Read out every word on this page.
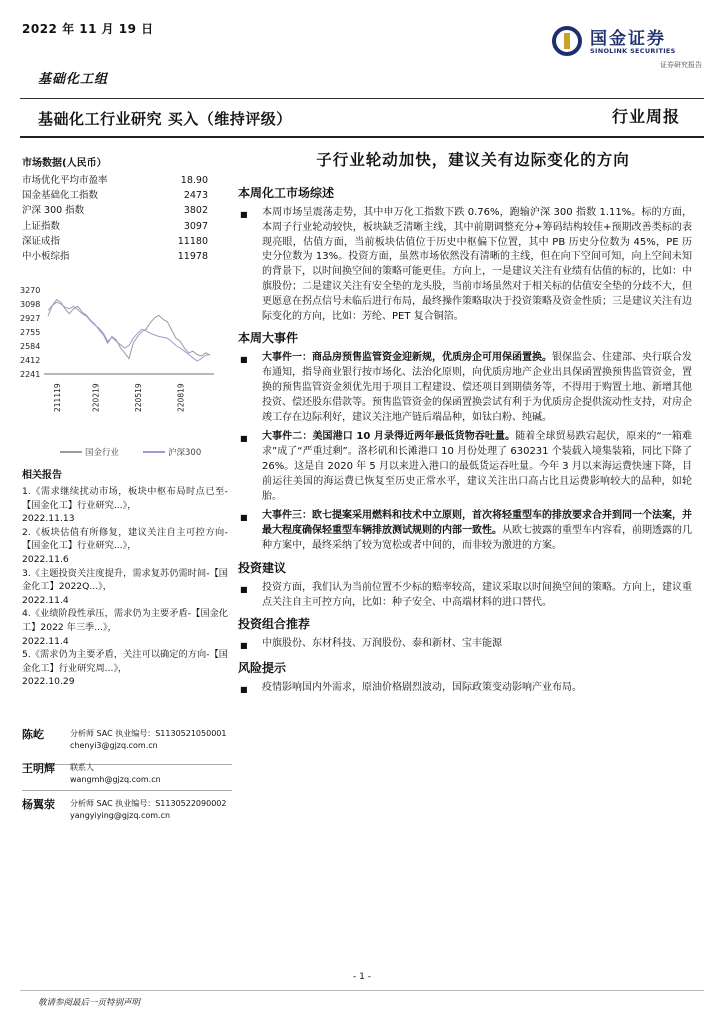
2022 年 11 月 19 日	国金证券
SINOLINK SECURITIES
证券研究报告
基础化工组
基础化工行业研究 买入（维持评级）	行业周报
市场数据(人民币）
市场优化平均市盈率	18.90
国金基础化工指数	2473
沪深 300 指数	3802
上证指数	3097
深证成指	11180
中小板综指	11978
3270
3098
2927
2755
2584
2412
2241
211119	220219	220519	220819
国金行业	沪深300
相关报告
1.《需求继续扰动市场，板块中枢布局时点已至-【国金化工】行业研究...》，
2022.11.13
2.《板块估值有所修复，建议关注自主可控方向-【国金化工】行业研究...》，
2022.11.6
3.《主题投资关注度提升，需求复苏仍需时间-【国金化工】2022Q...》，
2022.11.4
4.《业绩阶段性承压，需求仍为主要矛盾-【国金化工】2022 年三季...》，
2022.11.4
5.《需求仍为主要矛盾，关注可以确定的方向-【国金化工】行业研究周...》，
2022.10.29
陈屹	分析师 SAC 执业编号：S1130521050001
chenyi3@gjzq.com.cn
王明辉 联系人
wangmh@gjzq.com.cn
杨翼荥 分析师 SAC 执业编号：S1130522090002
yangyiying@gjzq.com.cn
子行业轮动加快，建议关有边际变化的方向
本周化工市场综述
■	本周市场呈震荡走势，其中申万化工指数下跌 0.76%，跑输沪深 300 指数 1.11%。标的方面，本周子行业轮动较快，板块缺乏清晰主线，其中前期调整充分+筹码结构较佳+预期改善类标的表现亮眼，估值方面，当前板块估值位于历史中枢偏下位置，其中 PB 历史分位数为 45%，PE 历史分位数为 13%。投资方面，虽然市场依然没有清晰的主线，但在向下空间可知，向上空间未知的背景下，以时间换空间的策略可能更佳。方向上，一是建议关注有业绩有估值的标的，比如：中旗股份；二是建议关注有安全垫的龙头股，当前市场虽然对于相关标的估值安全垫的分歧不大，但更愿意在拐点信号未临后进行布局，最终操作策略取决于投资策略及资金性质；三是建议关注有边际变化的方向，比如：芳纶、PET 复合铜箔。
本周大事件
■	大事件一：商品房预售监管资金迎新规，优质房企可用保函置换。银保监会、住建部、央行联合发布通知，指导商业银行按市场化、法治化原则，向优质房地产企业出具保函置换预售监管资金，置换的预售监管资金须优先用于项目工程建设、偿还项目到期债务等，不得用于购置土地、新增其他投资、偿还股东借款等。预售监管资金的保函置换尝试有利于为优质房企提供流动性支持，对房企竣工存在边际利好，建议关注地产链后端品种，如钛白粉、纯碱。
■	大事件二：美国港口 10 月录得近两年最低货物吞吐量。随着全球贸易跌宕起伏，原来的“一箱难求”成了“严重过剩”。洛杉矶和长滩港口 10 月份处理了 630231 个装载入境集装箱，同比下降了 26%。这是自 2020 年 5 月以来进入港口的最低货运吞吐量。今年 3 月以来海运费快速下降，目前运往美国的海运费已恢复至历史正常水平，建议关注出口高占比且运费影响较大的品种，如轮胎。
■	大事件三：欧七提案采用燃料和技术中立原则，首次将轻重型车的排放要求合并到同一个法案，并最大程度确保轻重型车辆排放测试规则的内部一致性。从欧七披露的重型车内容看，前期透露的几种方案中，最终采纳了较为宽松或者中间的，而非较为激进的方案。
投资建议
■	投资方面，我们认为当前位置不少标的赔率较高，建议采取以时间换空间的策略。方向上，建议重点关注自主可控方向，比如：种子安全、中高端材料的进口替代。
投资组合推荐
■	中旗股份、东材科技、万润股份、泰和新材、宝丰能源
风险提示
■	疫情影响国内外需求，原油价格剧烈波动，国际政策变动影响产业布局。
- 1 -
敬请参阅最后一页特别声明
